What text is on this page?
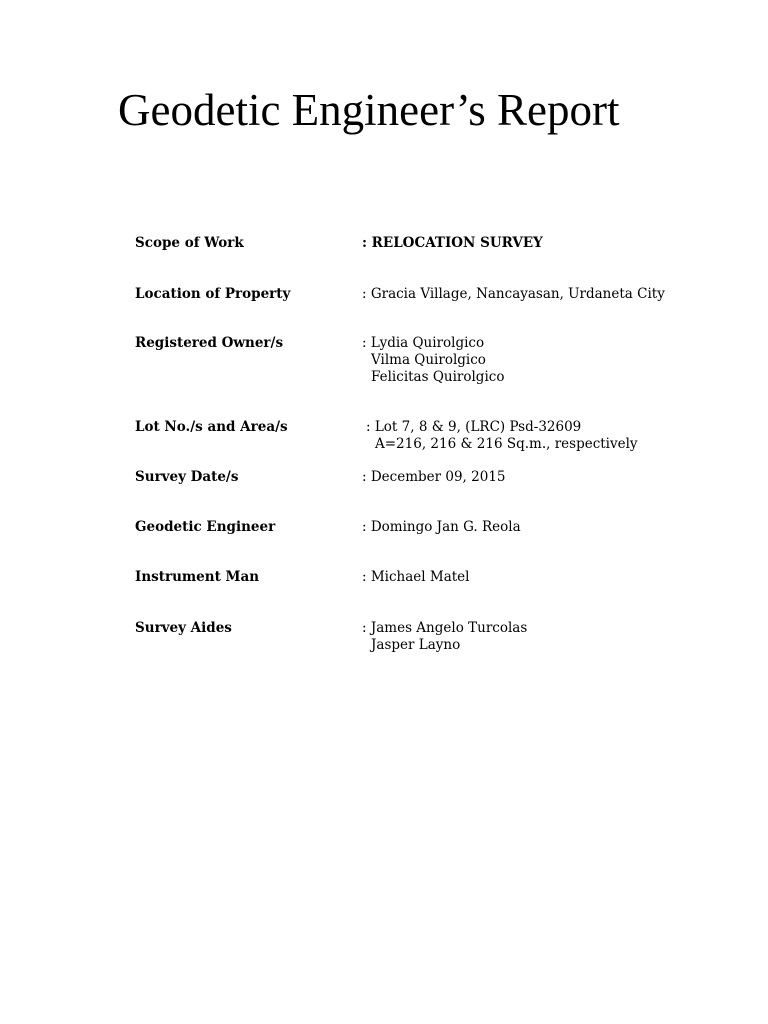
Geodetic Engineer’s Report
Scope of Work	: RELOCATION SURVEY
Location of Property	: Gracia Village, Nancayasan, Urdaneta City
Registered Owner/s	: Lydia Quirolgico
Vilma Quirolgico
Felicitas Quirolgico
Lot No./s and Area/s	: Lot 7, 8 & 9, (LRC) Psd-32609
A=216, 216 & 216 Sq.m., respectively
Survey Date/s	: December 09, 2015
Geodetic Engineer	: Domingo Jan G. Reola
Instrument Man	: Michael Matel
Survey Aides	: James Angelo Turcolas
Jasper Layno
